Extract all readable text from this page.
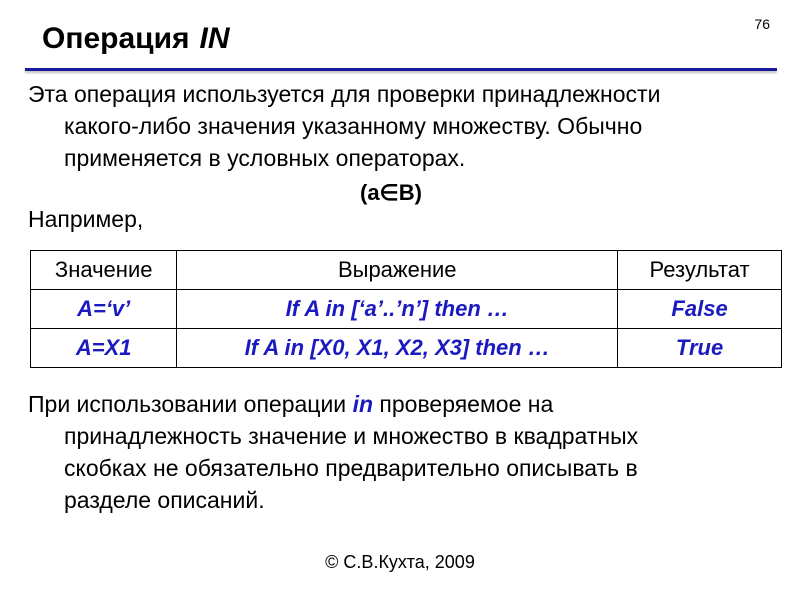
76
Операция IN
Эта операция используется для проверки принадлежности
какого-либо значения указанному множеству. Обычно
применяется в условных операторах.
(a∈B)
Например,
Значение	Выражение	Результат
A=‘v’	If A in [‘a’..’n’] then …	False
A=X1	If A in [X0, X1, X2, X3] then …	True
При использовании операции in проверяемое на
принадлежность значение и множество в квадратных
скобках не обязательно предварительно описывать в
разделе описаний.
© С.В.Кухта, 2009
